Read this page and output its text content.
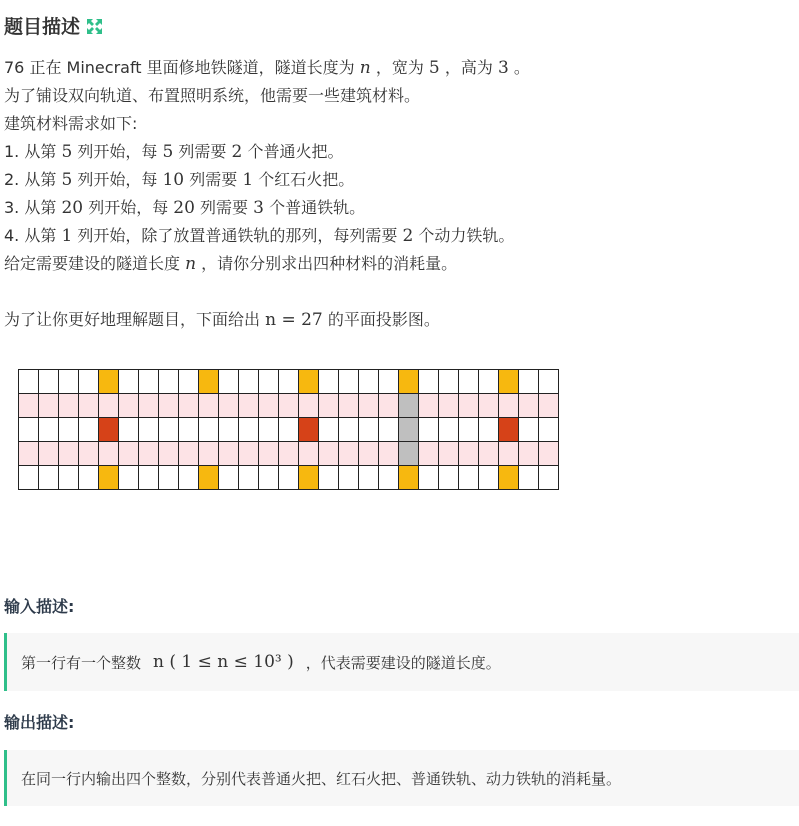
题目描述
76 正在 Minecraft 里面修地铁隧道，隧道长度为 n ，宽为 5 ，高为 3 。
为了铺设双向轨道、布置照明系统，他需要一些建筑材料。
建筑材料需求如下:
1. 从第 5 列开始，每 5 列需要 2 个普通火把。
2. 从第 5 列开始，每 10 列需要 1 个红石火把。
3. 从第 20 列开始，每 20 列需要 3 个普通铁轨。
4. 从第 1 列开始，除了放置普通铁轨的那列，每列需要 2 个动力铁轨。
给定需要建设的隧道长度 n ，请你分别求出四种材料的消耗量。
为了让你更好地理解题目，下面给出 n = 27 的平面投影图。
输入描述:
第一行有一个整数 n ( 1 ≤ n ≤ 10³ ) ，代表需要建设的隧道长度。
输出描述:
在同一行内输出四个整数，分别代表普通火把、红石火把、普通铁轨、动力铁轨的消耗量。
